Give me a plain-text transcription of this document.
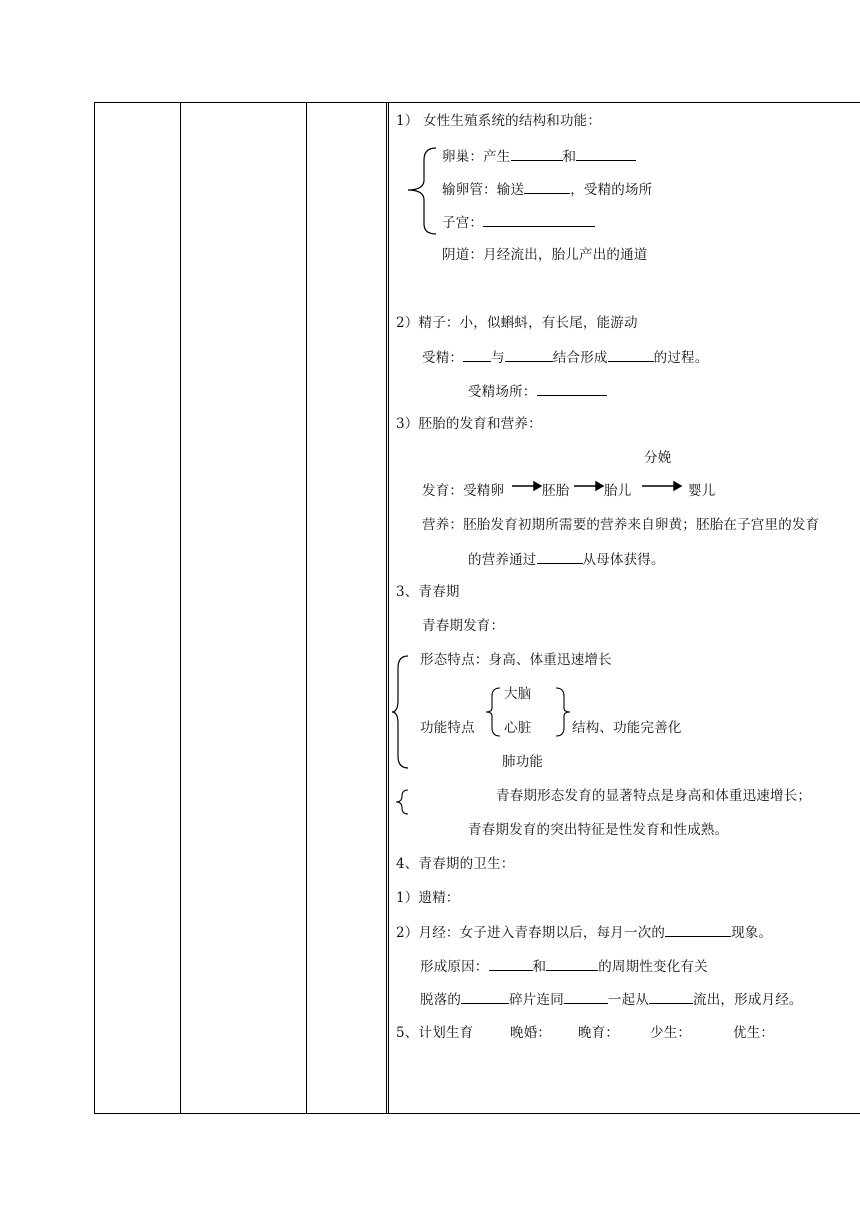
1） 女性生殖系统的结构和功能：
卵巢：产生	和
输卵管：输送	，受精的场所
子宫：
阴道：月经流出，胎儿产出的通道
2）精子：小，似蝌蚪，有长尾，能游动
受精： 与	结合形成	的过程。
受精场所：
3）胚胎的发育和营养：
分娩
发育：受精卵	胚胎	胎儿	婴儿
营养：胚胎发育初期所需要的营养来自卵黄；胚胎在子宫里的发育
的营养通过	从母体获得。
3、青春期
青春期发育：
形态特点：身高、体重迅速增长
大脑
功能特点 心脏	结构、功能完善化
肺功能
青春期形态发育的显著特点是身高和体重迅速增长；
青春期发育的突出特征是性发育和性成熟。
4、青春期的卫生：
1）遗精：
2）月经：女子进入青春期以后，每月一次的	现象。
形成原因：	和	的周期性变化有关
脱落的	碎片连同	一起从	流出，形成月经。
5、计划生育	晚婚： 晚育： 少生：	优生：
